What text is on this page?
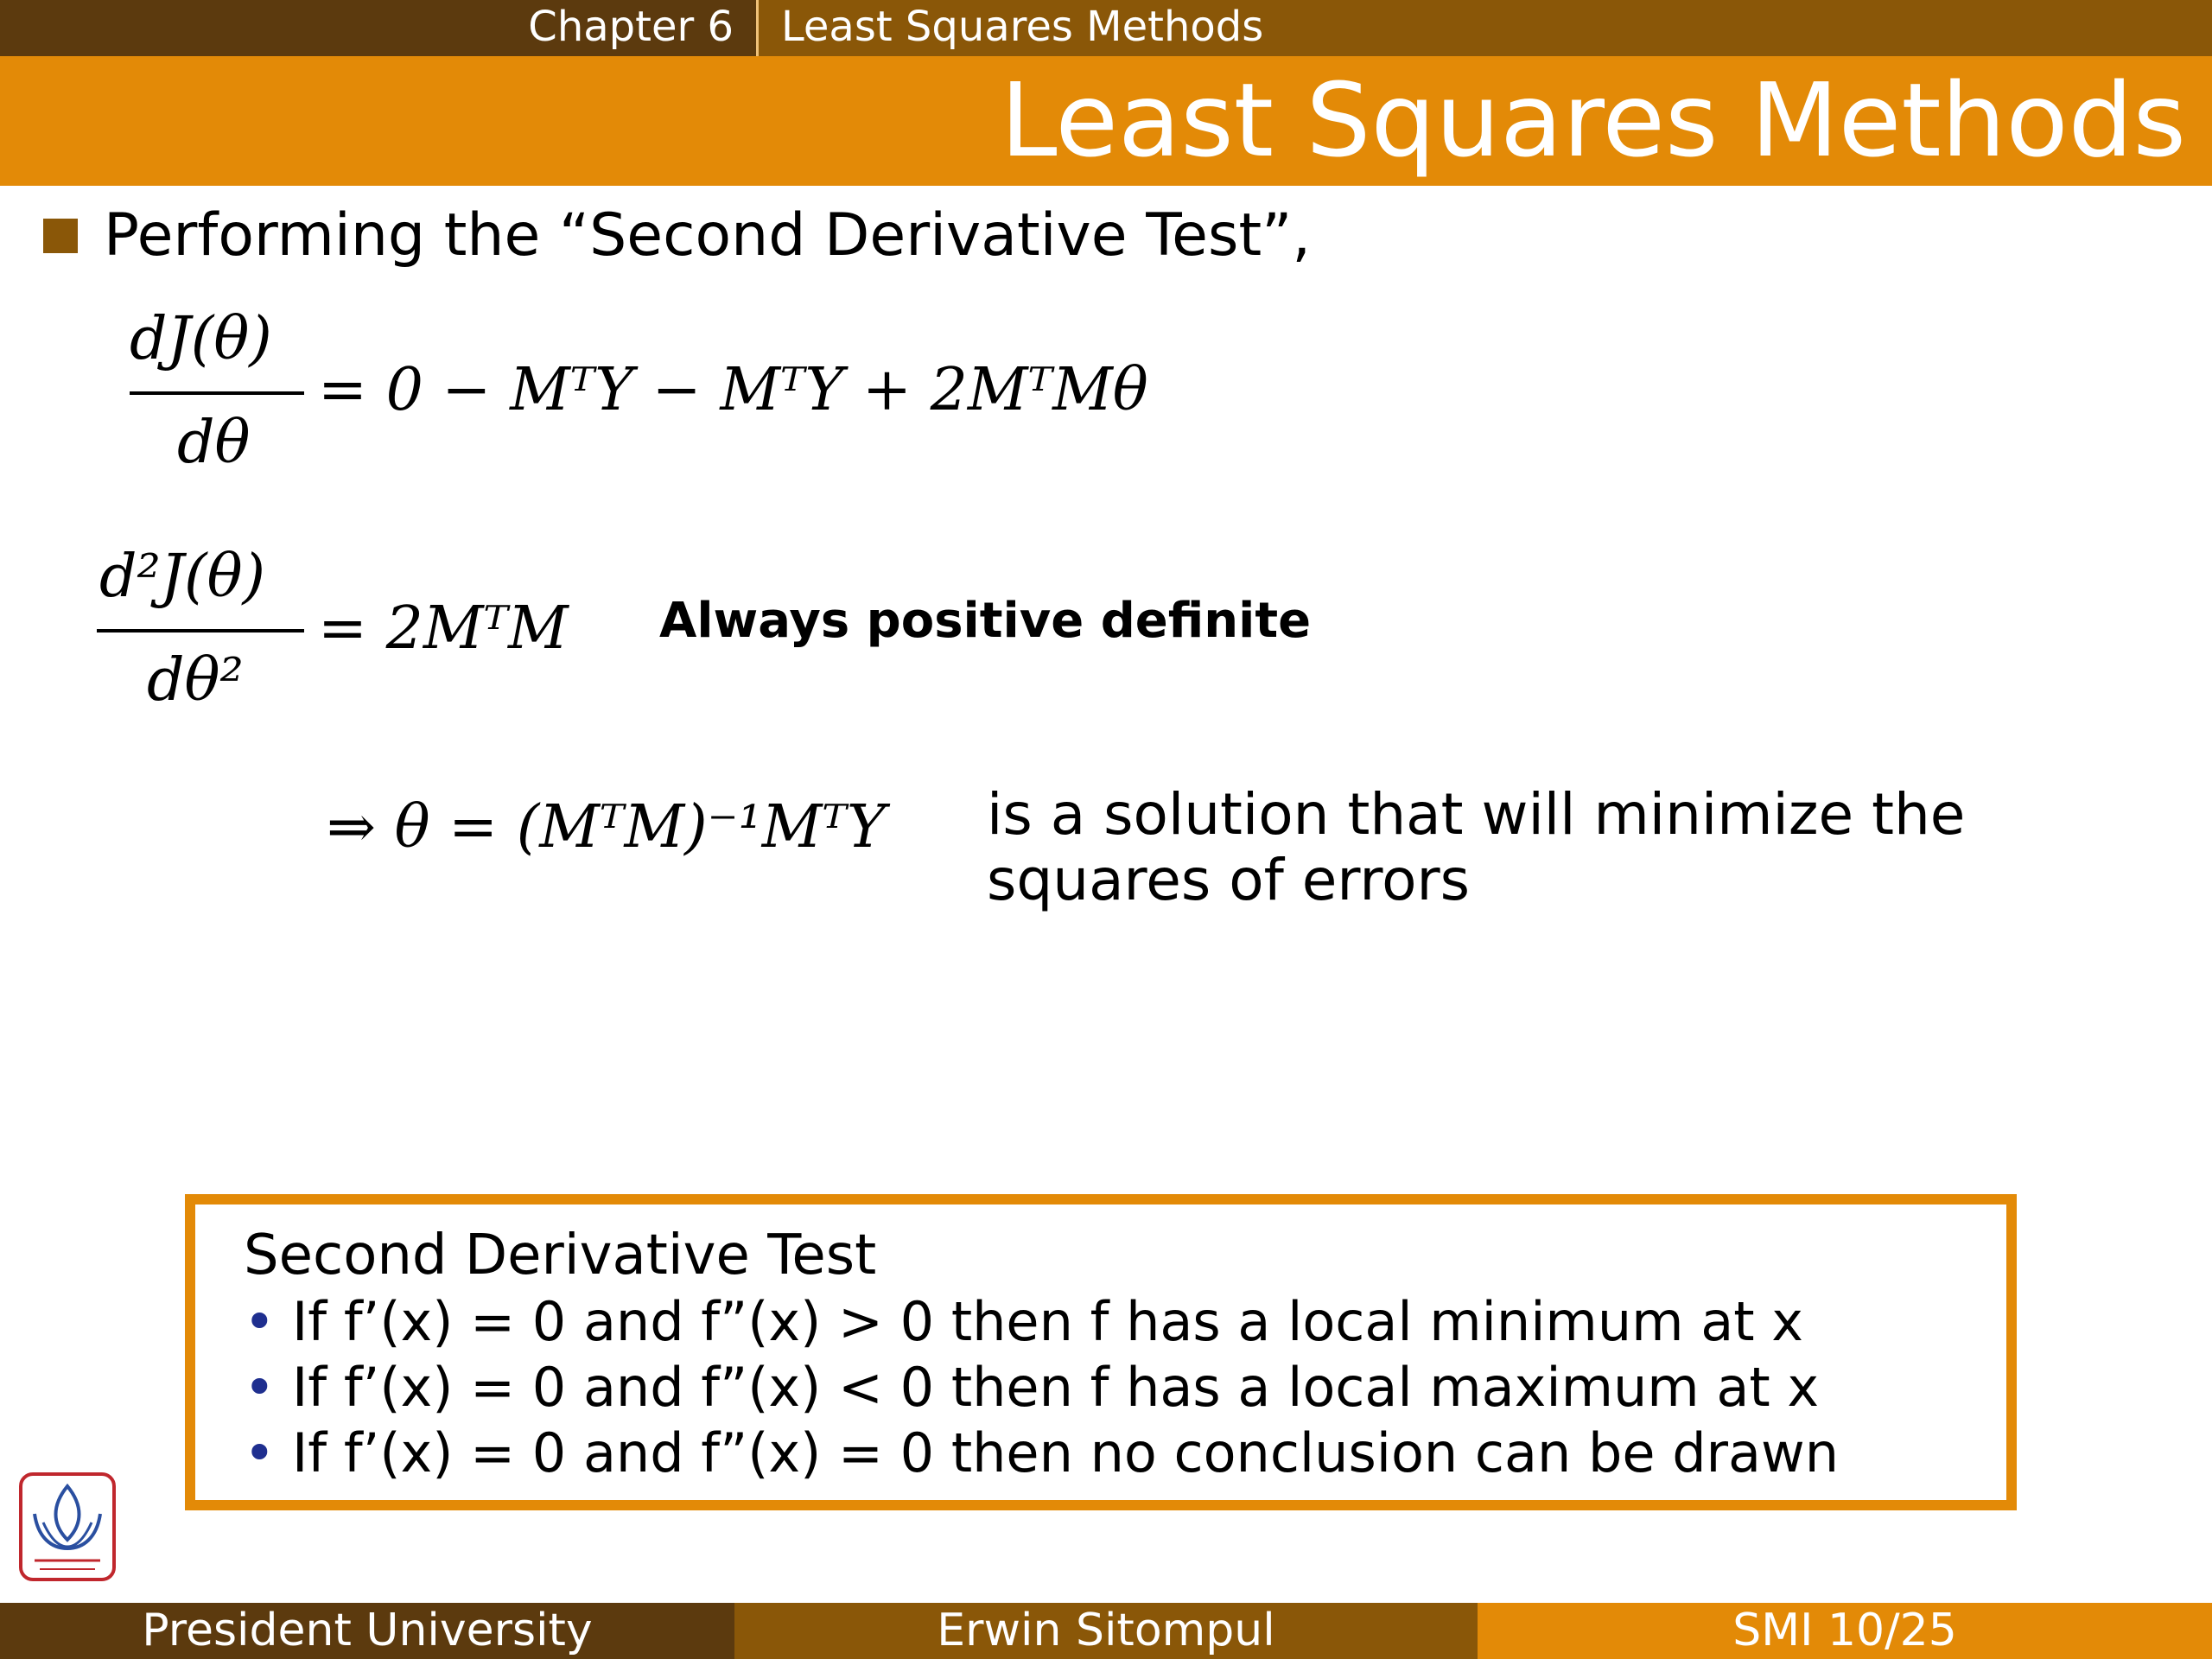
Chapter 6	Least Squares Methods
Least Squares Methods
Performing the “Second Derivative Test”,
dJ(θ)
dθ
= 0 − MᵀY − MᵀY + 2MᵀMθ
d²J(θ)
dθ²
= 2MᵀM
⇒ θ = (MᵀM)⁻¹MᵀY
Always positive definite
is a solution that will minimize the
squares of errors
Second Derivative Test
• If f’(x) = 0 and f”(x) > 0 then f has a local minimum at x
• If f’(x) = 0 and f”(x) < 0 then f has a local maximum at x
• If f’(x) = 0 and f”(x) = 0 then no conclusion can be drawn
President University	Erwin Sitompul	SMI 10/25
